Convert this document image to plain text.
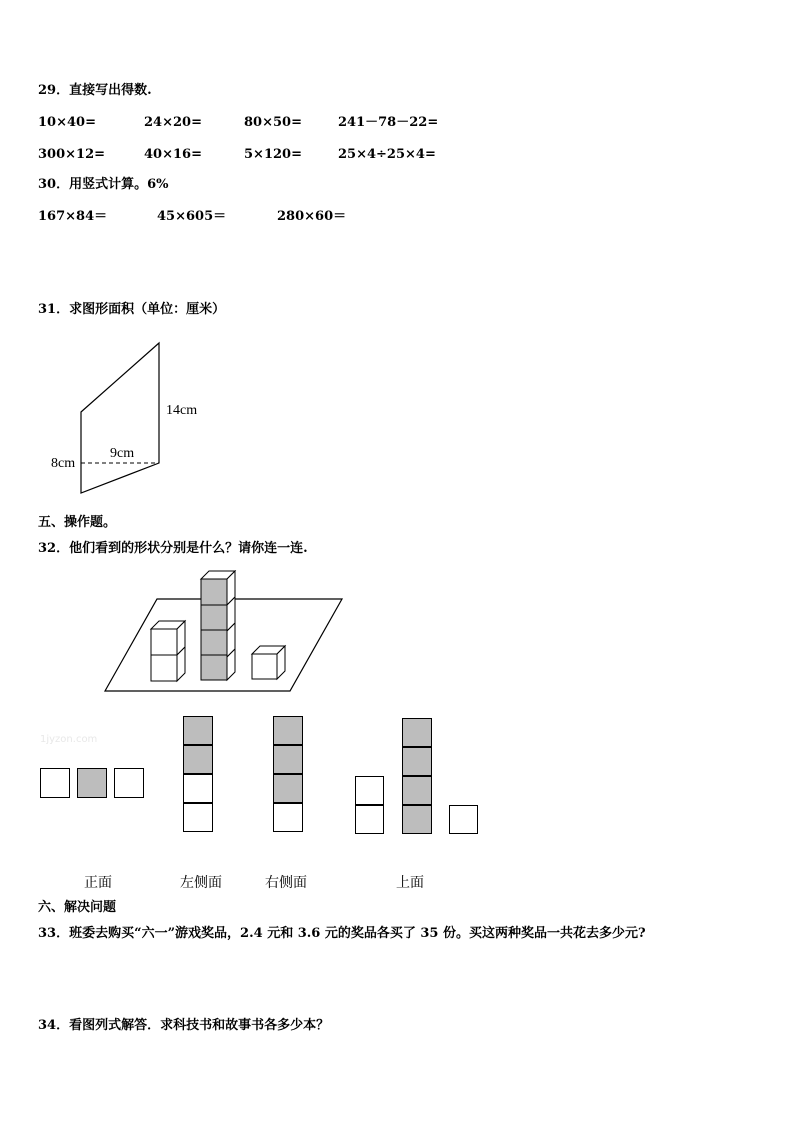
29．直接写出得数.
10×40=	24×20=	80×50=	241－78－22=
300×12=	40×16=	5×120=	25×4÷25×4=
30．用竖式计算。6%
167×84＝	45×605＝	280×60＝
31．求图形面积（单位：厘米）
14cm
9cm
8cm
五、操作题。
32．他们看到的形状分别是什么？请你连一连.
1jyzon.com
正面	左侧面	右侧面	上面
六、解决问题
33．班委去购买“六一”游戏奖品，2.4 元和 3.6 元的奖品各买了 35 份。买这两种奖品一共花去多少元?
34．看图列式解答．求科技书和故事书各多少本？
